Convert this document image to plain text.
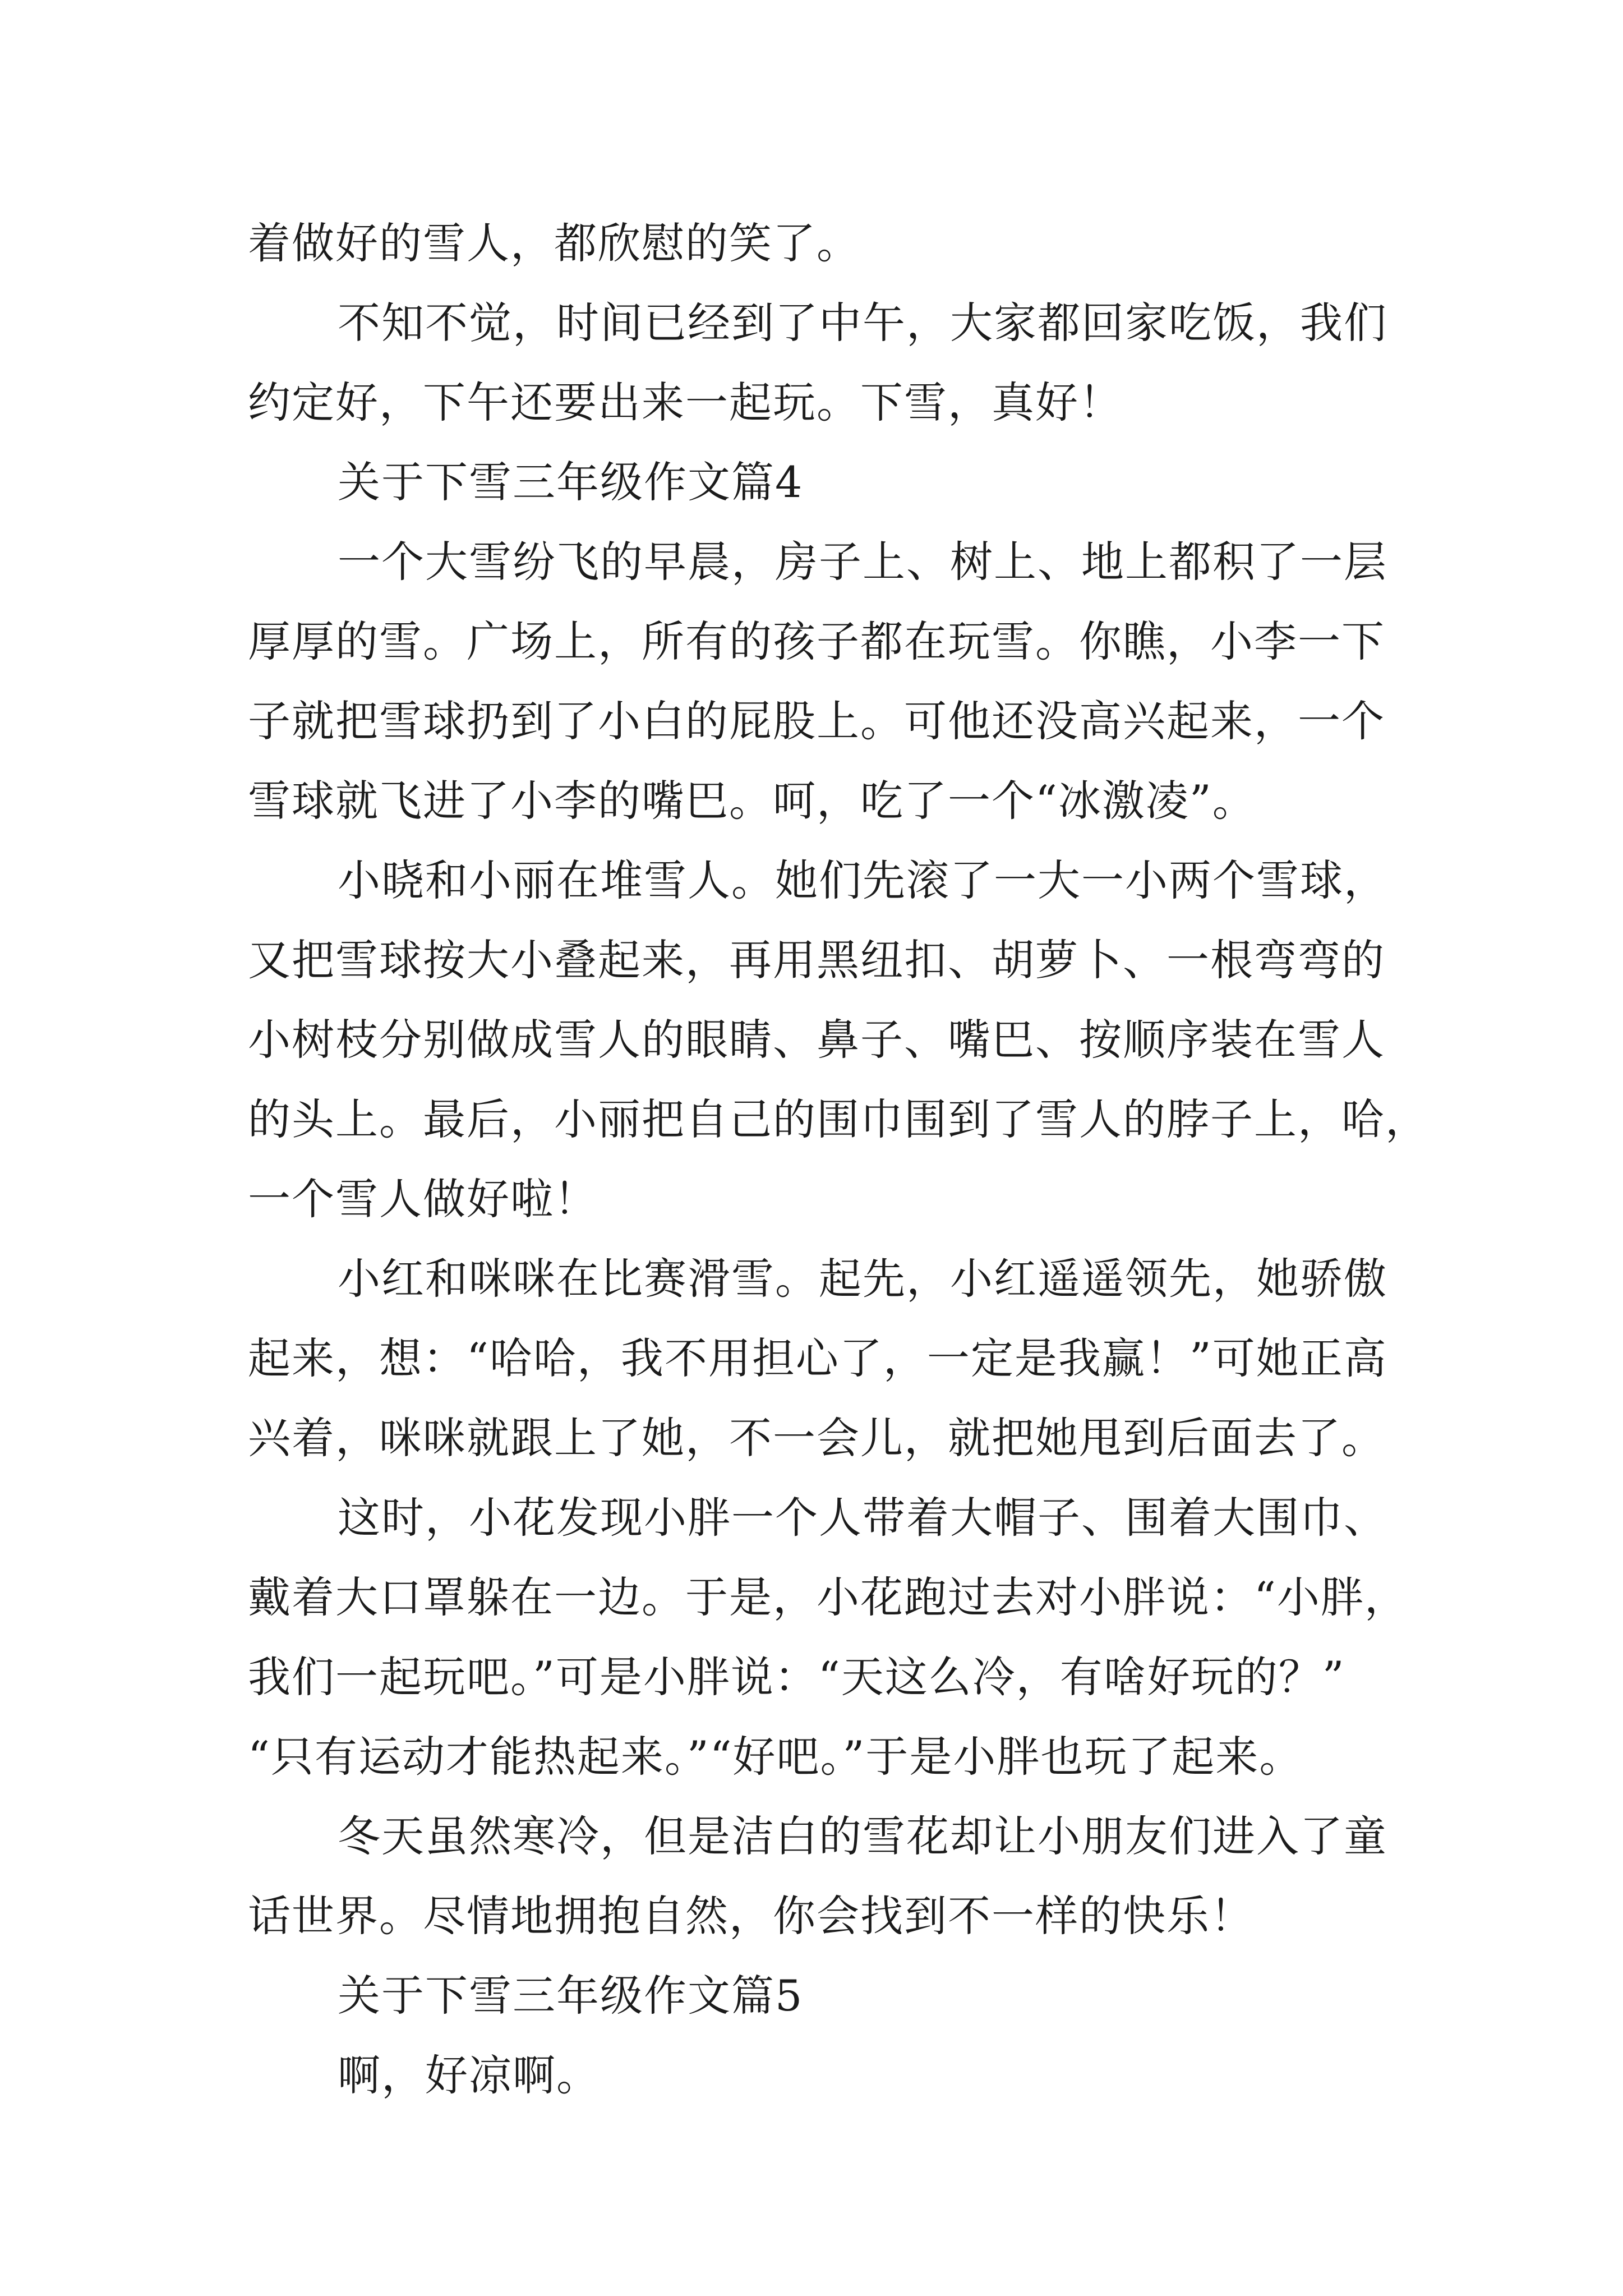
着做好的雪人，都欣慰的笑了。
不知不觉，时间已经到了中午，大家都回家吃饭，我们
约定好，下午还要出来一起玩。下雪，真好！
关于下雪三年级作文篇4
一个大雪纷飞的早晨，房子上、树上、地上都积了一层
厚厚的雪。广场上，所有的孩子都在玩雪。你瞧，小李一下
子就把雪球扔到了小白的屁股上。可他还没高兴起来，一个
雪球就飞进了小李的嘴巴。呵，吃了一个“冰激凌”。
小晓和小丽在堆雪人。她们先滚了一大一小两个雪球，
又把雪球按大小叠起来，再用黑纽扣、胡萝卜、一根弯弯的
小树枝分别做成雪人的眼睛、鼻子、嘴巴、按顺序装在雪人
的头上。最后，小丽把自己的围巾围到了雪人的脖子上，哈，
一个雪人做好啦！
小红和咪咪在比赛滑雪。起先，小红遥遥领先，她骄傲
起来，想：“哈哈，我不用担心了，一定是我赢！”可她正高
兴着，咪咪就跟上了她，不一会儿，就把她甩到后面去了。
这时，小花发现小胖一个人带着大帽子、围着大围巾、
戴着大口罩躲在一边。于是，小花跑过去对小胖说：“小胖，
我们一起玩吧。”可是小胖说：“天这么冷，有啥好玩的？”
“只有运动才能热起来。”“好吧。”于是小胖也玩了起来。
冬天虽然寒冷，但是洁白的雪花却让小朋友们进入了童
话世界。尽情地拥抱自然，你会找到不一样的快乐！
关于下雪三年级作文篇5
啊，好凉啊。
